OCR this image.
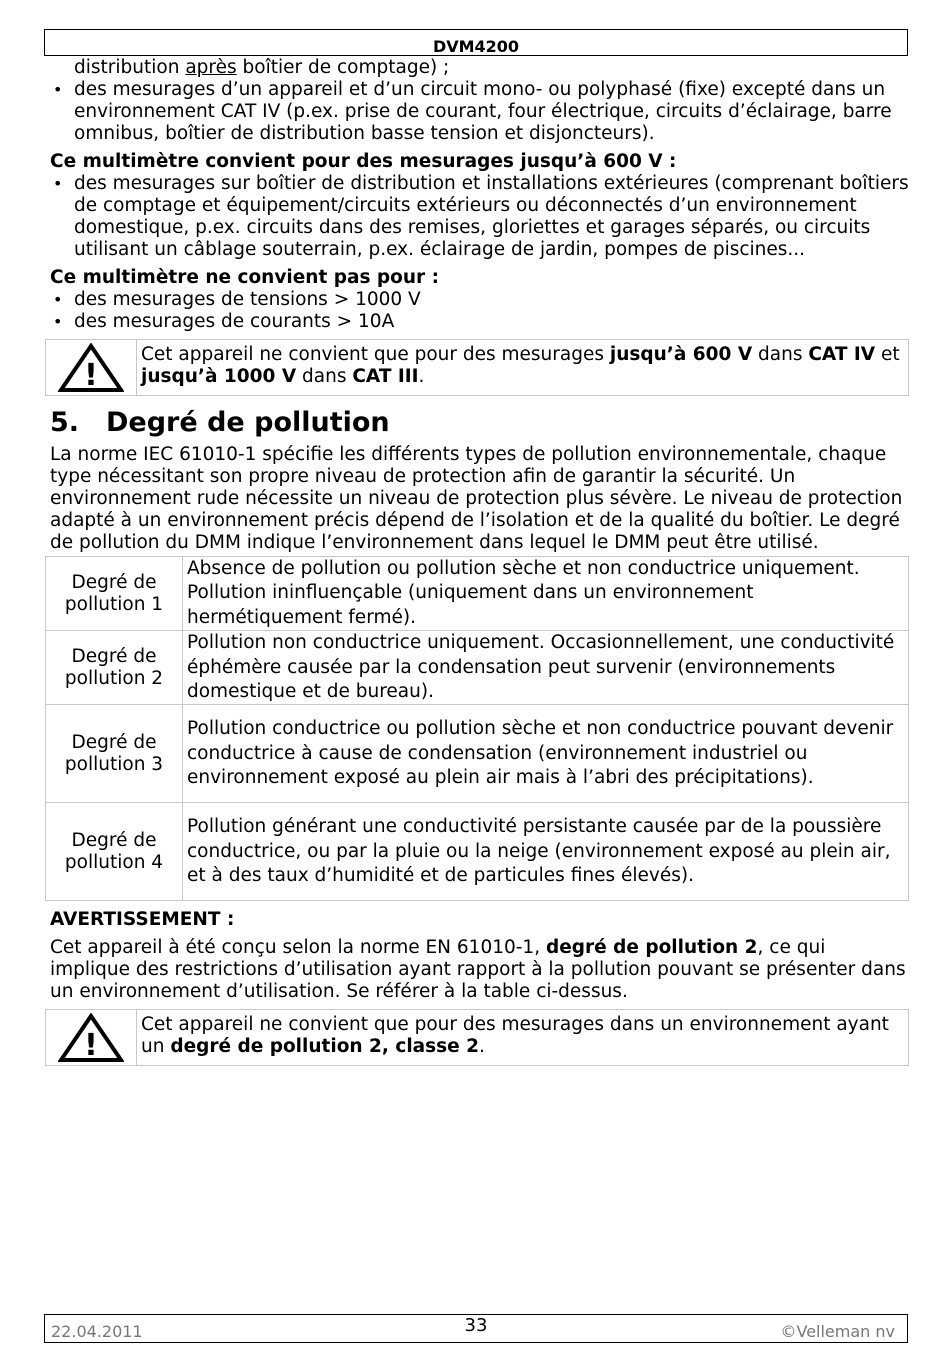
DVM4200

distribution après boîtier de comptage) ;

• des mesurages d’un appareil et d’un circuit mono- ou polyphasé (fixe) excepté dans un environnement CAT IV (p.ex. prise de courant, four électrique, circuits d’éclairage, barre omnibus, boîtier de distribution basse tension et disjoncteurs).

Ce multimètre convient pour des mesurages jusqu’à 600 V :

• des mesurages sur boîtier de distribution et installations extérieures (comprenant boîtiers de comptage et équipement/circuits extérieurs ou déconnectés d’un environnement domestique, p.ex. circuits dans des remises, gloriettes et garages séparés, ou circuits utilisant un câblage souterrain, p.ex. éclairage de jardin, pompes de piscines...

Ce multimètre ne convient pas pour :

• des mesurages de tensions > 1000 V
• des mesurages de courants > 10A
!
Cet appareil ne convient que pour des mesurages jusqu’à 600 V dans CAT IV et jusqu’à 1000 V dans CAT III.
5. Degré de pollution

La norme IEC 61010-1 spécifie les différents types de pollution environnementale, chaque type nécessitant son propre niveau de protection afin de garantir la sécurité. Un environnement rude nécessite un niveau de protection plus sévère. Le niveau de protection adapté à un environnement précis dépend de l’isolation et de la qualité du boîtier. Le degré de pollution du DMM indique l’environnement dans lequel le DMM peut être utilisé.

Degré de
pollution 1	Absence de pollution ou pollution sèche et non conductrice uniquement. Pollution ininfluençable (uniquement dans un environnement hermétiquement fermé).

Degré de
pollution 2	Pollution non conductrice uniquement. Occasionnellement, une conductivité éphémère causée par la condensation peut survenir (environnements domestique et de bureau).

Degré de
pollution 3	Pollution conductrice ou pollution sèche et non conductrice pouvant devenir conductrice à cause de condensation (environnement industriel ou environnement exposé au plein air mais à l’abri des précipitations).

Degré de
pollution 4	Pollution générant une conductivité persistante causée par de la poussière conductrice, ou par la pluie ou la neige (environnement exposé au plein air, et à des taux d’humidité et de particules fines élevés).

AVERTISSEMENT :

Cet appareil à été conçu selon la norme EN 61010-1, degré de pollution 2, ce qui implique des restrictions d’utilisation ayant rapport à la pollution pouvant se présenter dans un environnement d’utilisation. Se référer à la table ci-dessus.

!
Cet appareil ne convient que pour des mesurages dans un environnement ayant un degré de pollution 2, classe 2.
22.04.2011	33	©Velleman nv
